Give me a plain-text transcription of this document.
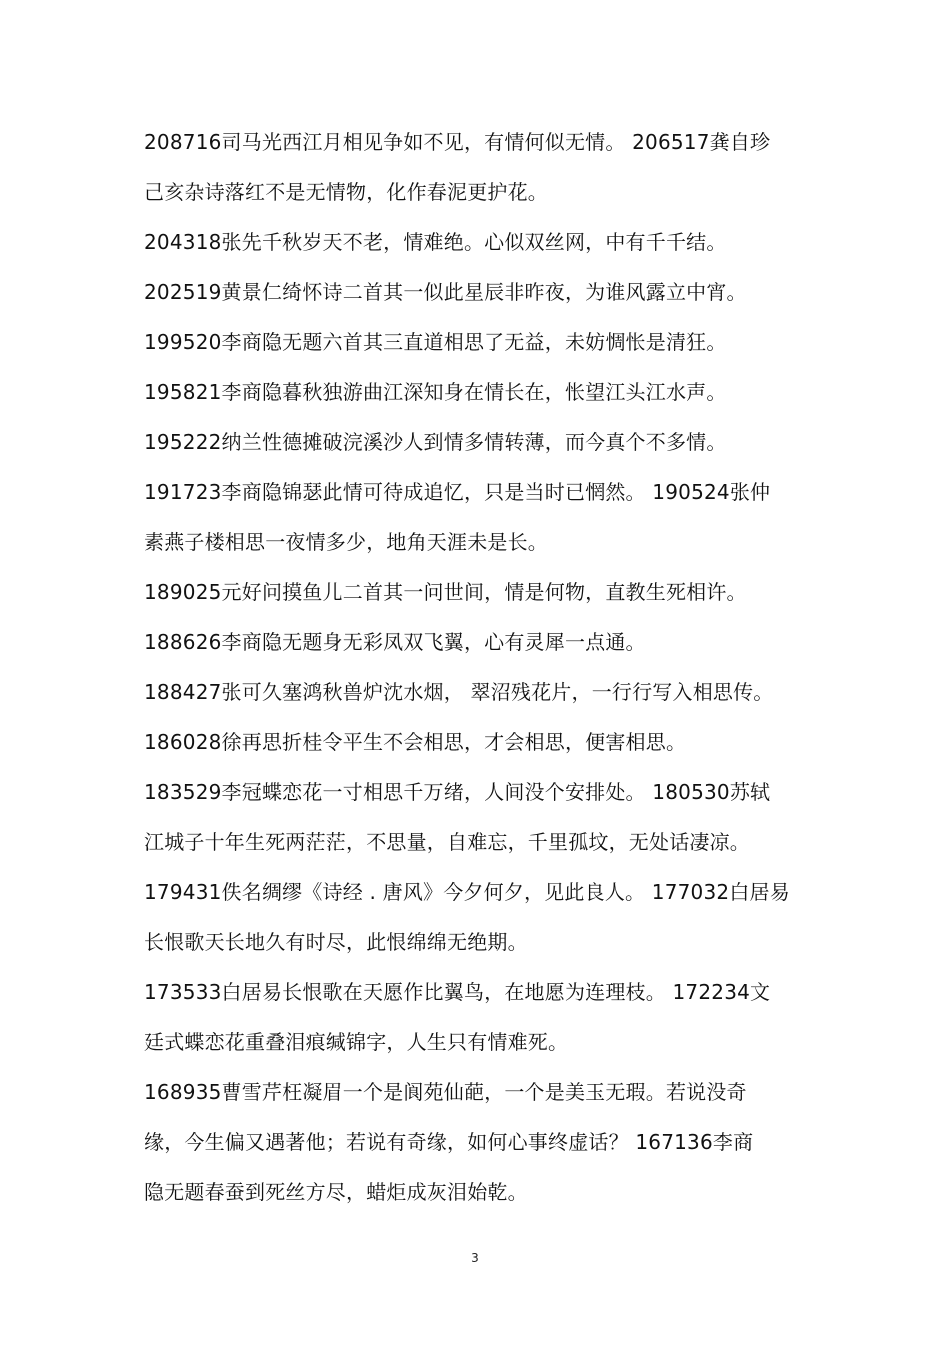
208716司马光西江月相见争如不见，有情何似无情。 206517龚自珍
己亥杂诗落红不是无情物，化作春泥更护花。
204318张先千秋岁天不老，情难绝。心似双丝网，中有千千结。
202519黄景仁绮怀诗二首其一似此星辰非昨夜，为谁风露立中宵。
199520李商隐无题六首其三直道相思了无益，未妨惆怅是清狂。
195821李商隐暮秋独游曲江深知身在情长在，怅望江头江水声。
195222纳兰性德摊破浣溪沙人到情多情转薄，而今真个不多情。
191723李商隐锦瑟此情可待成追忆，只是当时已惘然。 190524张仲
素燕子楼相思一夜情多少，地角天涯未是长。
189025元好问摸鱼儿二首其一问世间，情是何物，直教生死相许。
188626李商隐无题身无彩凤双飞翼，心有灵犀一点通。
188427张可久塞鸿秋兽炉沈水烟， 翠沼残花片，一行行写入相思传。
186028徐再思折桂令平生不会相思，才会相思，便害相思。
183529李冠蝶恋花一寸相思千万绪，人间没个安排处。 180530苏轼
江城子十年生死两茫茫，不思量，自难忘，千里孤坟，无处话凄凉。
179431佚名绸缪《诗经 . 唐风》今夕何夕，见此良人。 177032白居易
长恨歌天长地久有时尽，此恨绵绵无绝期。
173533白居易长恨歌在天愿作比翼鸟，在地愿为连理枝。 172234文
廷式蝶恋花重叠泪痕缄锦字，人生只有情难死。
168935曹雪芹枉凝眉一个是阆苑仙葩，一个是美玉无瑕。若说没奇
缘，今生偏又遇著他；若说有奇缘，如何心事终虚话？ 167136李商
隐无题春蚕到死丝方尽，蜡炬成灰泪始乾。
3
